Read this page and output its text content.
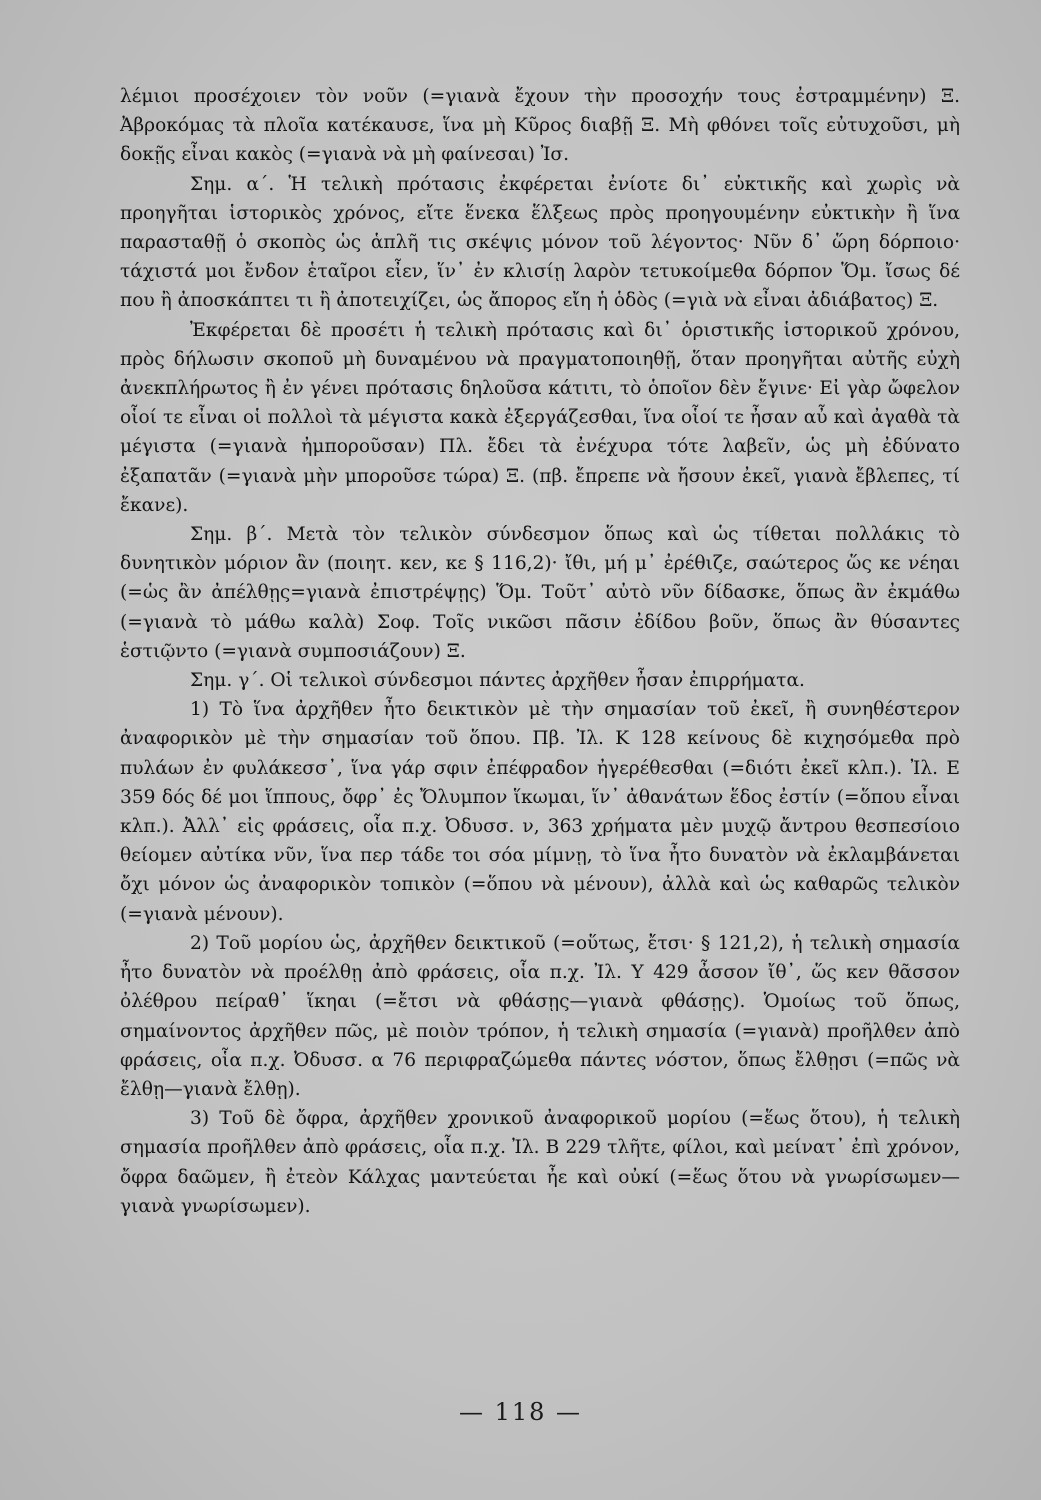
λέμιοι προσέχοιεν τὸν νοῦν (=γιανὰ ἔχουν τὴν προσοχήν τους ἐστραμμένην) Ξ. Ἀβροκόμας τὰ πλοῖα κατέκαυσε, ἵνα μὴ Κῦρος διαβῇ Ξ. Μὴ φθόνει τοῖς εὐτυχοῦσι, μὴ δοκῇς εἶναι κακὸς (=γιανὰ νὰ μὴ φαίνεσαι) Ἰσ.

Σημ. α΄. Ἡ τελικὴ πρότασις ἐκφέρεται ἐνίοτε δι᾽ εὐκτικῆς καὶ χωρὶς νὰ προηγῆται ἱστορικὸς χρόνος, εἴτε ἕνεκα ἕλξεως πρὸς προηγουμένην εὐκτικὴν ἢ ἵνα παρασταθῇ ὁ σκοπὸς ὡς ἁπλῆ τις σκέψις μόνον τοῦ λέγοντος· Νῦν δ᾽ ὥρη δόρποιο· τάχιστά μοι ἔνδον ἑταῖροι εἶεν, ἵν᾽ ἐν κλισίῃ λαρὸν τετυκοίμεθα δόρπον Ὅμ. ἴσως δέ που ἢ ἀποσκάπτει τι ἢ ἀποτειχίζει, ὡς ἄπορος εἴη ἡ ὁδὸς (=γιὰ νὰ εἶναι ἀδιάβατος) Ξ.

Ἐκφέρεται δὲ προσέτι ἡ τελικὴ πρότασις καὶ δι᾽ ὁριστικῆς ἱστορικοῦ χρόνου, πρὸς δήλωσιν σκοποῦ μὴ δυναμένου νὰ πραγματοποιηθῇ, ὅταν προηγῆται αὐτῆς εὐχὴ ἀνεκπλήρωτος ἢ ἐν γένει πρότασις δηλοῦσα κάτιτι, τὸ ὁποῖον δὲν ἔγινε· Εἰ γὰρ ὤφελον οἷοί τε εἶναι οἱ πολλοὶ τὰ μέγιστα κακὰ ἐξεργάζεσθαι, ἵνα οἷοί τε ἦσαν αὖ καὶ ἀγαθὰ τὰ μέγιστα (=γιανὰ ἠμποροῦσαν) Πλ. ἔδει τὰ ἐνέχυρα τότε λαβεῖν, ὡς μὴ ἐδύνατο ἐξαπατᾶν (=γιανὰ μὴν μποροῦσε τώρα) Ξ. (πβ. ἔπρεπε νὰ ἤσουν ἐκεῖ, γιανὰ ἔβλεπες, τί ἔκανε).

Σημ. β΄. Μετὰ τὸν τελικὸν σύνδεσμον ὅπως καὶ ὡς τίθεται πολλάκις τὸ δυνητικὸν μόριον ἂν (ποιητ. κεν, κε § 116,2)· ἴθι, μή μ᾽ ἐρέθιζε, σαώτερος ὥς κε νέηαι (=ὡς ἂν ἀπέλθῃς=γιανὰ ἐπιστρέψῃς) Ὅμ. Τοῦτ᾽ αὐτὸ νῦν δίδασκε, ὅπως ἂν ἐκμάθω (=γιανὰ τὸ μάθω καλὰ) Σοφ. Τοῖς νικῶσι πᾶσιν ἐδίδου βοῦν, ὅπως ἂν θύσαντες ἑστιῷντο (=γιανὰ συμποσιάζουν) Ξ.

Σημ. γ΄. Οἱ τελικοὶ σύνδεσμοι πάντες ἀρχῆθεν ἦσαν ἐπιρρήματα.

1) Τὸ ἵνα ἀρχῆθεν ἦτο δεικτικὸν μὲ τὴν σημασίαν τοῦ ἐκεῖ, ἢ συνηθέστερον ἀναφορικὸν μὲ τὴν σημασίαν τοῦ ὅπου. Πβ. Ἰλ. Κ 128 κείνους δὲ κιχησόμεθα πρὸ πυλάων ἐν φυλάκεσσ᾽, ἵνα γάρ σφιν ἐπέφραδον ἠγερέθεσθαι (=διότι ἐκεῖ κλπ.). Ἰλ. Ε 359 δός δέ μοι ἵππους, ὄφρ᾽ ἐς Ὄλυμπον ἵκωμαι, ἵν᾽ ἀθανάτων ἕδος ἐστίν (=ὅπου εἶναι κλπ.). Ἀλλ᾽ εἰς φράσεις, οἷα π.χ. Ὀδυσσ. ν, 363 χρήματα μὲν μυχῷ ἄντρου θεσπεσίοιο θείομεν αὐτίκα νῦν, ἵνα περ τάδε τοι σόα μίμνῃ, τὸ ἵνα ἦτο δυνατὸν νὰ ἐκλαμβάνεται ὄχι μόνον ὡς ἀναφορικὸν τοπικὸν (=ὅπου νὰ μένουν), ἀλλὰ καὶ ὡς καθαρῶς τελικὸν (=γιανὰ μένουν).

2) Τοῦ μορίου ὡς, ἀρχῆθεν δεικτικοῦ (=οὕτως, ἔτσι· § 121,2), ἡ τελικὴ σημασία ἦτο δυνατὸν νὰ προέλθῃ ἀπὸ φράσεις, οἷα π.χ. Ἰλ. Υ 429 ἆσσον ἴθ᾽, ὥς κεν θᾶσσον ὀλέθρου πείραθ᾽ ἵκηαι (=ἔτσι νὰ φθάσῃς—γιανὰ φθάσῃς). Ὁμοίως τοῦ ὅπως, σημαίνοντος ἀρχῆθεν πῶς, μὲ ποιὸν τρόπον, ἡ τελικὴ σημασία (=γιανὰ) προῆλθεν ἀπὸ φράσεις, οἷα π.χ. Ὀδυσσ. α 76 περιφραζώμεθα πάντες νόστον, ὅπως ἔλθῃσι (=πῶς νὰ ἔλθῃ—γιανὰ ἔλθῃ).

3) Τοῦ δὲ ὄφρα, ἀρχῆθεν χρονικοῦ ἀναφορικοῦ μορίου (=ἕως ὅτου), ἡ τελικὴ σημασία προῆλθεν ἀπὸ φράσεις, οἷα π.χ. Ἰλ. Β 229 τλῆτε, φίλοι, καὶ μείνατ᾽ ἐπὶ χρόνον, ὄφρα δαῶμεν, ἢ ἐτεὸν Κάλχας μαντεύεται ἦε καὶ οὐκί (=ἕως ὅτου νὰ γνωρίσωμεν—γιανὰ γνωρίσωμεν).

— 118 —
